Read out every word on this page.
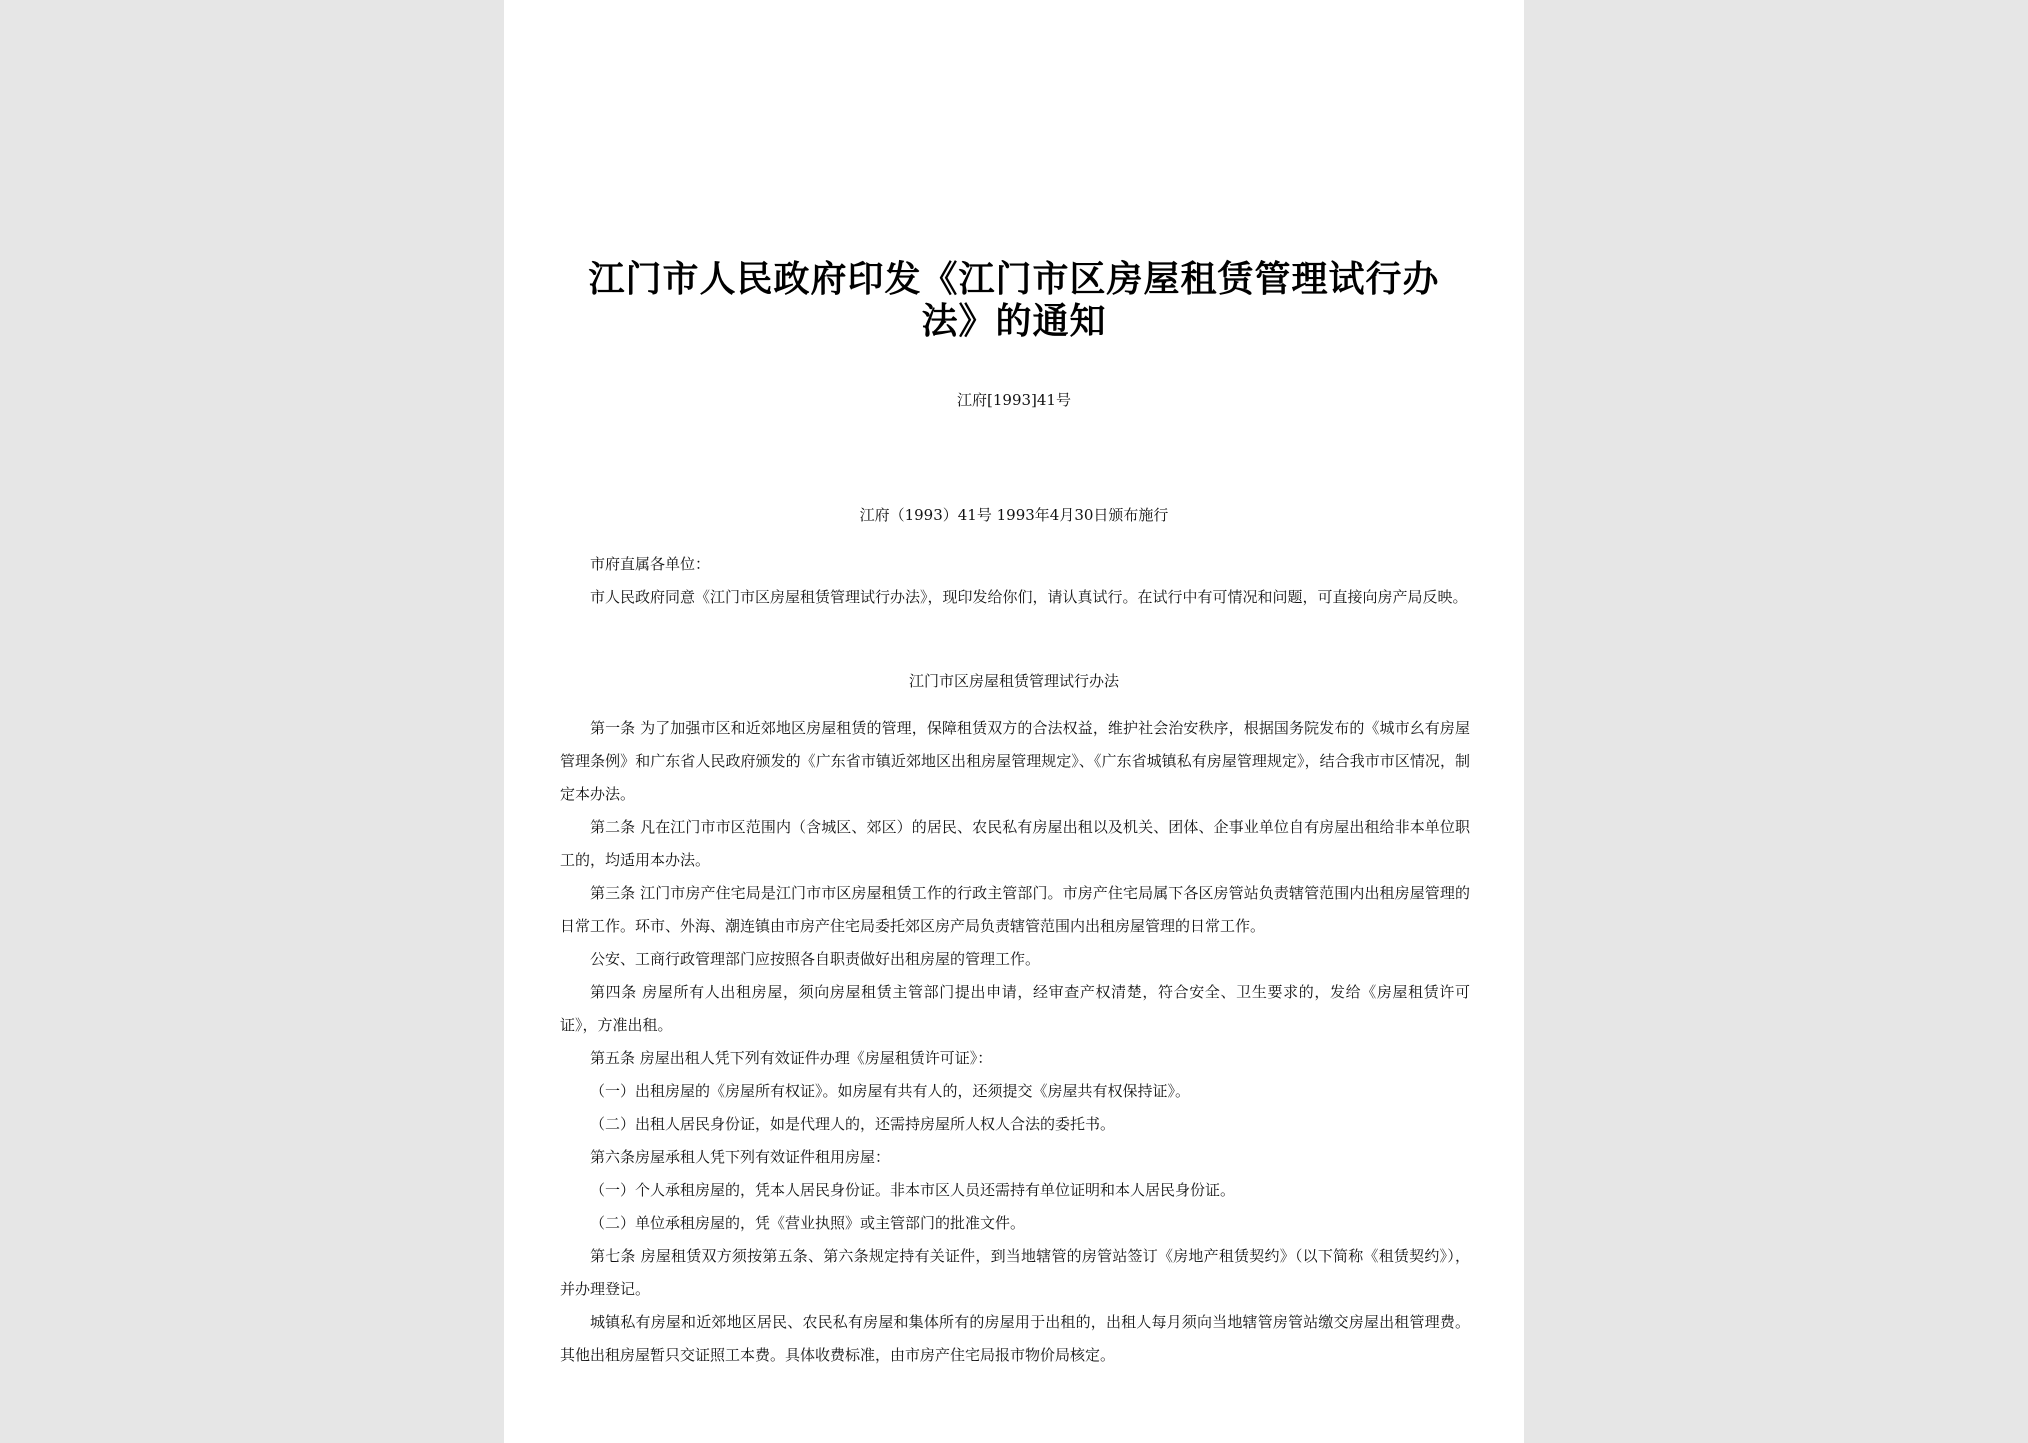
江门市人民政府印发《江门市区房屋租赁管理试行办
法》的通知
江府[1993]41号
江府（1993）41号 1993年4月30日颁布施行

市府直属各单位：

市人民政府同意《江门市区房屋租赁管理试行办法》，现印发给你们，请认真试行。在试行中有可情况和问题，可直接向房产局反映。

江门市区房屋租赁管理试行办法

第一条 为了加强市区和近郊地区房屋租赁的管理，保障租赁双方的合法权益，维护社会治安秩序，根据国务院发布的《城市幺有房屋管理条例》和广东省人民政府颁发的《广东省市镇近郊地区出租房屋管理规定》、《广东省城镇私有房屋管理规定》，结合我市市区情况，制定本办法。

第二条 凡在江门市市区范围内（含城区、郊区）的居民、农民私有房屋出租以及机关、团体、企事业单位自有房屋出租给非本单位职工的，均适用本办法。

第三条 江门市房产住宅局是江门市市区房屋租赁工作的行政主管部门。市房产住宅局属下各区房管站负责辖管范围内出租房屋管理的日常工作。环市、外海、潮连镇由市房产住宅局委托郊区房产局负责辖管范围内出租房屋管理的日常工作。

公安、工商行政管理部门应按照各自职责做好出租房屋的管理工作。

第四条 房屋所有人出租房屋，须向房屋租赁主管部门提出申请，经审查产权清楚，符合安全、卫生要求的，发给《房屋租赁许可证》，方准出租。

第五条 房屋出租人凭下列有效证件办理《房屋租赁许可证》：

（一）出租房屋的《房屋所有权证》。如房屋有共有人的，还须提交《房屋共有权保持证》。

（二）出租人居民身份证，如是代理人的，还需持房屋所人权人合法的委托书。

第六条房屋承租人凭下列有效证件租用房屋：

（一）个人承租房屋的，凭本人居民身份证。非本市区人员还需持有单位证明和本人居民身份证。

（二）单位承租房屋的，凭《营业执照》或主管部门的批准文件。

第七条 房屋租赁双方须按第五条、第六条规定持有关证件，到当地辖管的房管站签订《房地产租赁契约》（以下简称《租赁契约》），并办理登记。

城镇私有房屋和近郊地区居民、农民私有房屋和集体所有的房屋用于出租的，出租人每月须向当地辖管房管站缴交房屋出租管理费。其他出租房屋暂只交证照工本费。具体收费标准，由市房产住宅局报市物价局核定。
